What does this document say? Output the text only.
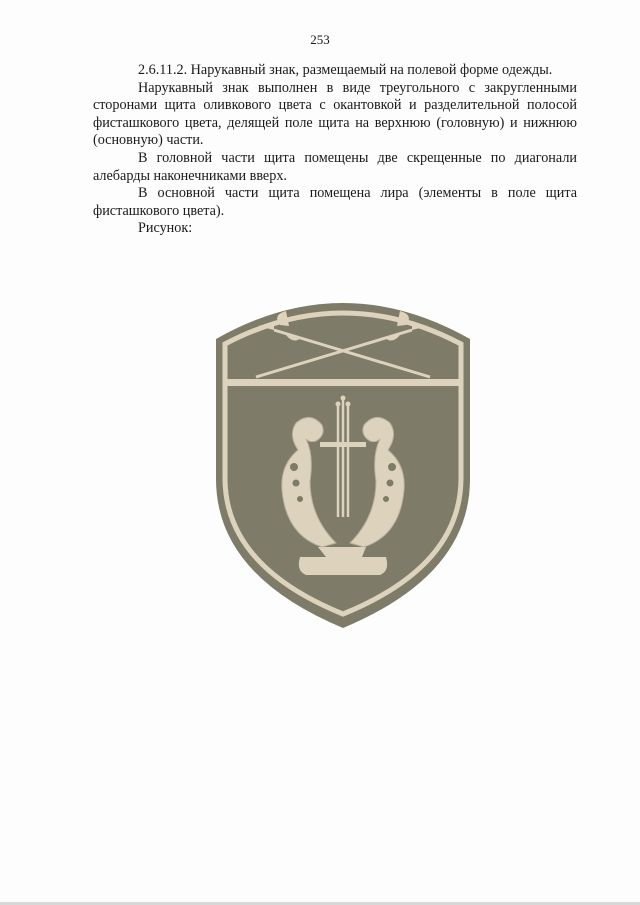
253

2.6.11.2. Нарукавный знак, размещаемый на полевой форме одежды.

Нарукавный знак выполнен в виде треугольного с закругленными сторонами щита оливкового цвета с окантовкой и разделительной полосой фисташкового цвета, делящей поле щита на верхнюю (головную) и нижнюю (основную) части.

В головной части щита помещены две скрещенные по диагонали алебарды наконечниками вверх.

В основной части щита помещена лира (элементы в поле щита фисташкового цвета).

Рисунок:
